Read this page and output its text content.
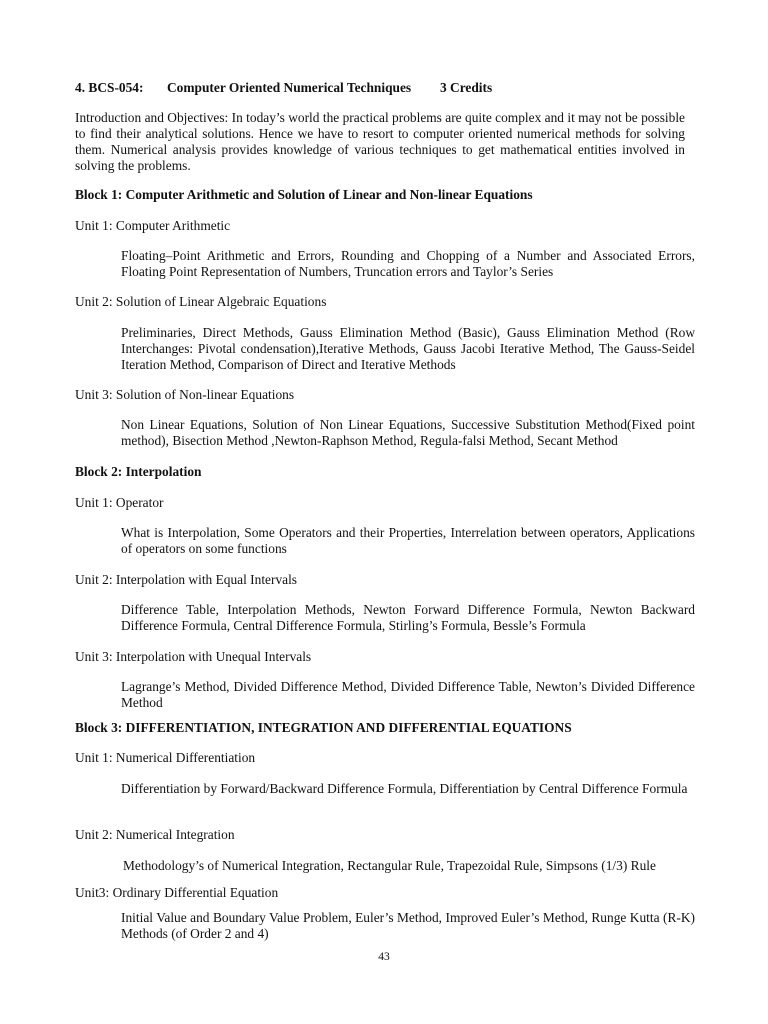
4. BCS-054: Computer Oriented Numerical Techniques 3 Credits
Introduction and Objectives: In today’s world the practical problems are quite complex and it may not be possible to find their analytical solutions. Hence we have to resort to computer oriented numerical methods for solving them. Numerical analysis provides knowledge of various techniques to get mathematical entities involved in solving the problems.
Block 1: Computer Arithmetic and Solution of Linear and Non-linear Equations
Unit 1: Computer Arithmetic
Floating–Point Arithmetic and Errors, Rounding and Chopping of a Number and Associated Errors, Floating Point Representation of Numbers, Truncation errors and Taylor’s Series
Unit 2: Solution of Linear Algebraic Equations
Preliminaries, Direct Methods, Gauss Elimination Method (Basic), Gauss Elimination Method (Row Interchanges: Pivotal condensation),Iterative Methods, Gauss Jacobi Iterative Method, The Gauss-Seidel Iteration Method, Comparison of Direct and Iterative Methods
Unit 3: Solution of Non-linear Equations
Non Linear Equations, Solution of Non Linear Equations, Successive Substitution Method(Fixed point method), Bisection Method ,Newton-Raphson Method, Regula-falsi Method, Secant Method
Block 2: Interpolation
Unit 1: Operator
What is Interpolation, Some Operators and their Properties, Interrelation between operators, Applications of operators on some functions
Unit 2: Interpolation with Equal Intervals
Difference Table, Interpolation Methods, Newton Forward Difference Formula, Newton Backward Difference Formula, Central Difference Formula, Stirling’s Formula, Bessle’s Formula
Unit 3: Interpolation with Unequal Intervals
Lagrange’s Method, Divided Difference Method, Divided Difference Table, Newton’s Divided Difference Method
Block 3: DIFFERENTIATION, INTEGRATION AND DIFFERENTIAL EQUATIONS
Unit 1: Numerical Differentiation
Differentiation by Forward/Backward Difference Formula, Differentiation by Central Difference Formula
Unit 2: Numerical Integration
Methodology’s of Numerical Integration, Rectangular Rule, Trapezoidal Rule, Simpsons (1/3) Rule
Unit3: Ordinary Differential Equation
Initial Value and Boundary Value Problem, Euler’s Method, Improved Euler’s Method, Runge Kutta (R-K) Methods (of Order 2 and 4)
43
